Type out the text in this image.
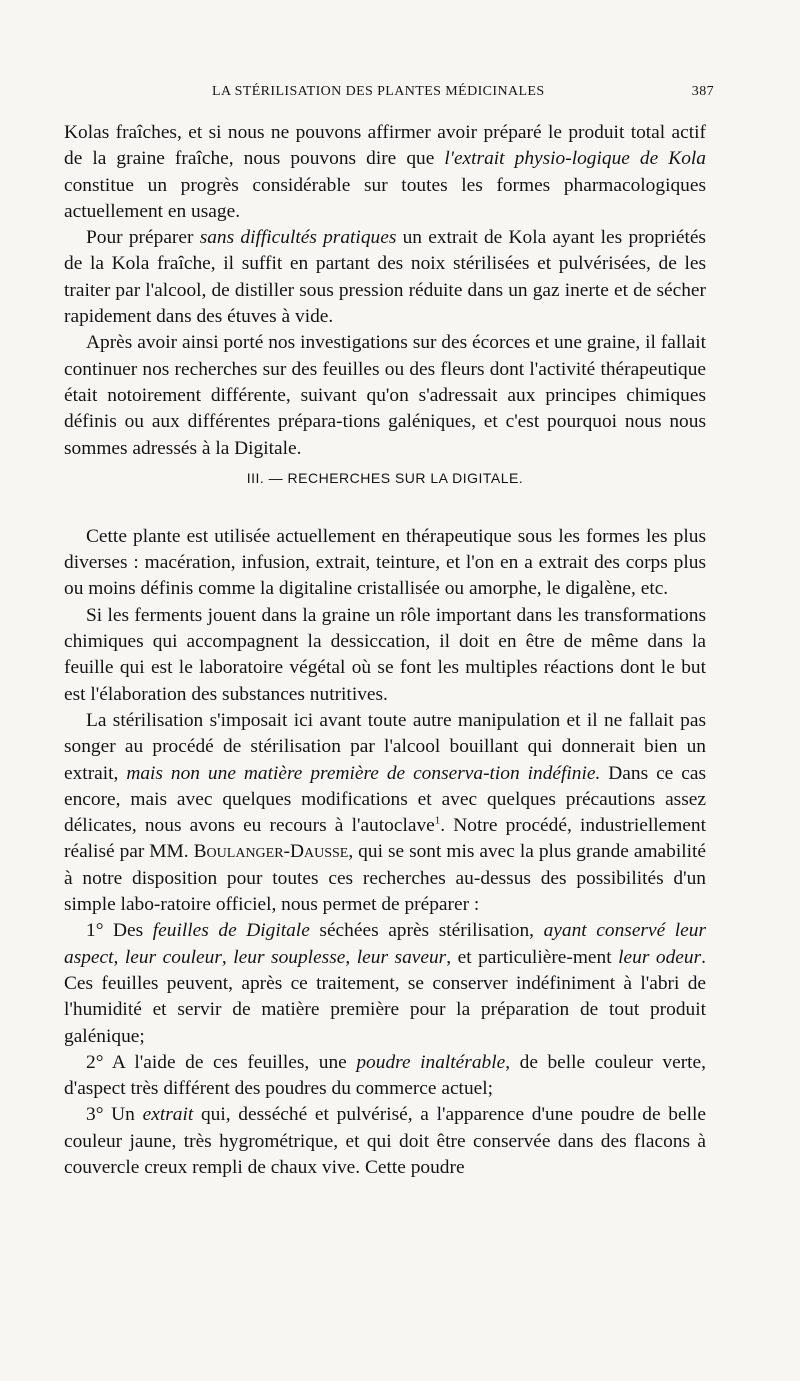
LA STÉRILISATION DES PLANTES MÉDICINALES	387

Kolas fraîches, et si nous ne pouvons affirmer avoir préparé le produit total actif de la graine fraîche, nous pouvons dire que l'extrait physio-logique de Kola constitue un progrès considérable sur toutes les formes pharmacologiques actuellement en usage.

Pour préparer sans difficultés pratiques un extrait de Kola ayant les propriétés de la Kola fraîche, il suffit en partant des noix stérilisées et pulvérisées, de les traiter par l'alcool, de distiller sous pression réduite dans un gaz inerte et de sécher rapidement dans des étuves à vide.

Après avoir ainsi porté nos investigations sur des écorces et une graine, il fallait continuer nos recherches sur des feuilles ou des fleurs dont l'activité thérapeutique était notoirement différente, suivant qu'on s'adressait aux principes chimiques définis ou aux différentes prépara-tions galéniques, et c'est pourquoi nous nous sommes adressés à la Digitale.

III. — RECHERCHES SUR LA DIGITALE.

Cette plante est utilisée actuellement en thérapeutique sous les formes les plus diverses : macération, infusion, extrait, teinture, et l'on en a extrait des corps plus ou moins définis comme la digitaline cristallisée ou amorphe, le digalène, etc.

Si les ferments jouent dans la graine un rôle important dans les transformations chimiques qui accompagnent la dessiccation, il doit en être de même dans la feuille qui est le laboratoire végétal où se font les multiples réactions dont le but est l'élaboration des substances nutritives.

La stérilisation s'imposait ici avant toute autre manipulation et il ne fallait pas songer au procédé de stérilisation par l'alcool bouillant qui donnerait bien un extrait, mais non une matière première de conserva-tion indéfinie. Dans ce cas encore, mais avec quelques modifications et avec quelques précautions assez délicates, nous avons eu recours à l'autoclave$^1$. Notre procédé, industriellement réalisé par MM. Boulanger-Dausse, qui se sont mis avec la plus grande amabilité à notre disposition pour toutes ces recherches au-dessus des possibilités d'un simple labo-ratoire officiel, nous permet de préparer :

1° Des feuilles de Digitale séchées après stérilisation, ayant conservé leur aspect, leur couleur, leur souplesse, leur saveur, et particulière-ment leur odeur. Ces feuilles peuvent, après ce traitement, se conserver indéfiniment à l'abri de l'humidité et servir de matière première pour la préparation de tout produit galénique;

2° A l'aide de ces feuilles, une poudre inaltérable, de belle couleur verte, d'aspect très différent des poudres du commerce actuel;

3° Un extrait qui, desséché et pulvérisé, a l'apparence d'une poudre de belle couleur jaune, très hygrométrique, et qui doit être conservée dans des flacons à couvercle creux rempli de chaux vive. Cette poudre
